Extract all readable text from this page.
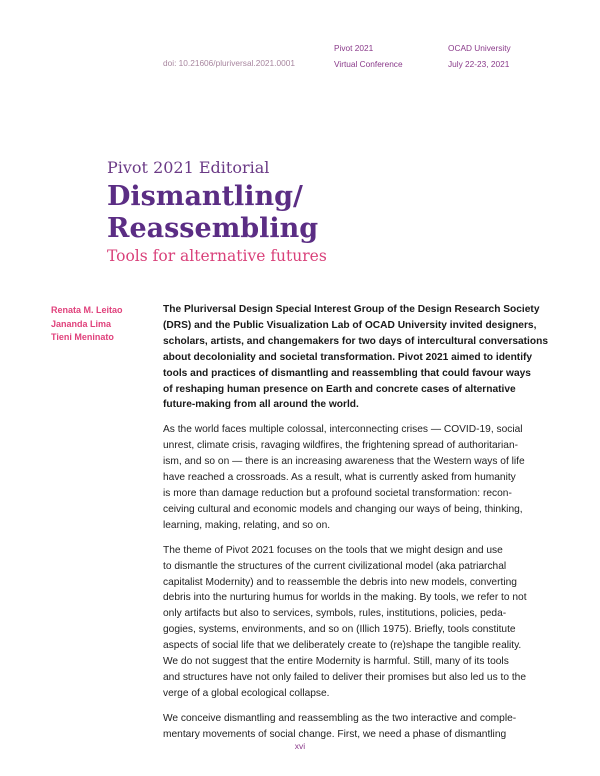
doi: 10.21606/pluriversal.2021.0001
Pivot 2021
Virtual Conference
OCAD University
July 22-23, 2021
Pivot 2021 Editorial
Dismantling/
Reassembling
Tools for alternative futures
Renata M. Leitao
Jananda Lima
Tieni Meninato

The Pluriversal Design Special Interest Group of the Design Research Society
(DRS) and the Public Visualization Lab of OCAD University invited designers,
scholars, artists, and changemakers for two days of intercultural conversations
about decoloniality and societal transformation. Pivot 2021 aimed to identify
tools and practices of dismantling and reassembling that could favour ways
of reshaping human presence on Earth and concrete cases of alternative
future-making from all around the world.

As the world faces multiple colossal, interconnecting crises — COVID-19, social
unrest, climate crisis, ravaging wildfires, the frightening spread of authoritarian-
ism, and so on — there is an increasing awareness that the Western ways of life
have reached a crossroads. As a result, what is currently asked from humanity
is more than damage reduction but a profound societal transformation: recon-
ceiving cultural and economic models and changing our ways of being, thinking,
learning, making, relating, and so on.

The theme of Pivot 2021 focuses on the tools that we might design and use
to dismantle the structures of the current civilizational model (aka patriarchal
capitalist Modernity) and to reassemble the debris into new models, converting
debris into the nurturing humus for worlds in the making. By tools, we refer to not
only artifacts but also to services, symbols, rules, institutions, policies, peda-
gogies, systems, environments, and so on (Illich 1975). Briefly, tools constitute
aspects of social life that we deliberately create to (re)shape the tangible reality.
We do not suggest that the entire Modernity is harmful. Still, many of its tools
and structures have not only failed to deliver their promises but also led us to the
verge of a global ecological collapse.

We conceive dismantling and reassembling as the two interactive and comple-
mentary movements of social change. First, we need a phase of dismantling

xvi
